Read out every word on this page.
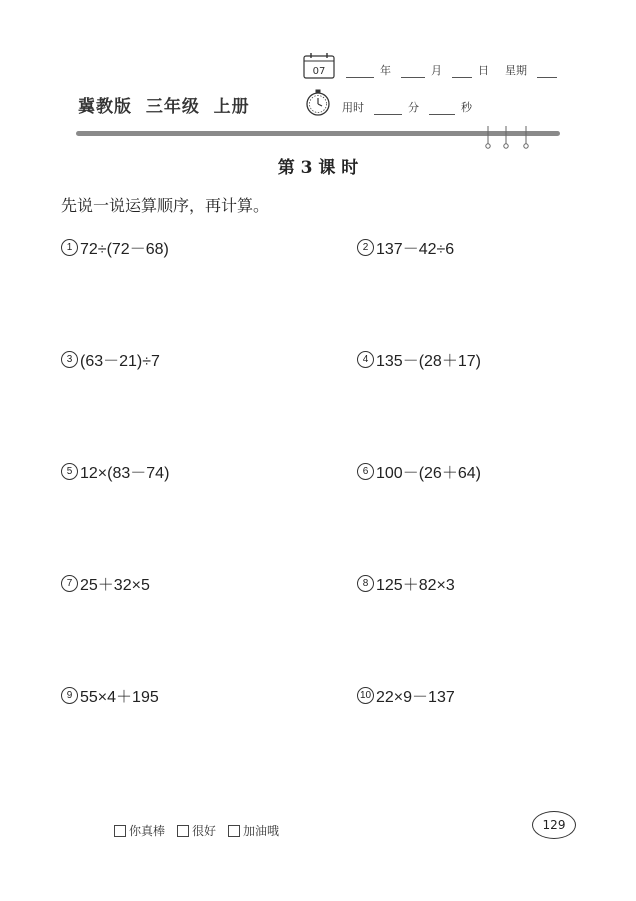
冀教版  三年级  上册
07	年	月	日 星期
用时	分	秒
第 3 课 时
先说一说运算顺序，再计算。
1 72÷(72－68)	2 137－42÷6
3 (63－21)÷7	4 135－(28＋17)
5 12×(83－74)	6 100－(26＋64)
7 25＋32×5	8 125＋82×3
9 55×4＋195	10 22×9－137
你真棒 很好 加油哦	129
